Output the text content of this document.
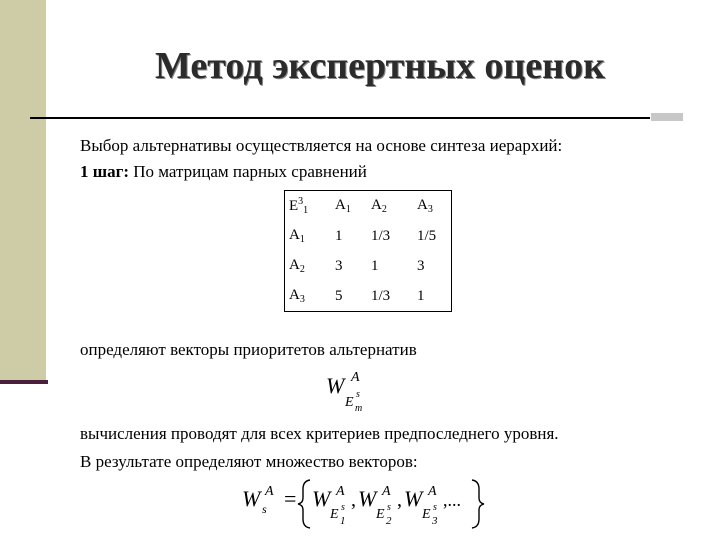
Метод экспертных оценок
Выбор альтернативы осуществляется на основе синтеза иерархий:
1 шаг: По матрицам парных сравнений
$E^3_1$	$A_1$	$A_2$	$A_3$
$A_1$	1	1/3	1/5
$A_2$	3	1	3
$A_3$	5	1/3	1
определяют векторы приоритетов альтернатив
W A
E
s
m
вычисления проводят для всех критериев предпоследнего уровня.
В результате определяют множество векторов:
W A
s = W A
E s
1
, W A
E s
2
, W A
E s
3
,...
